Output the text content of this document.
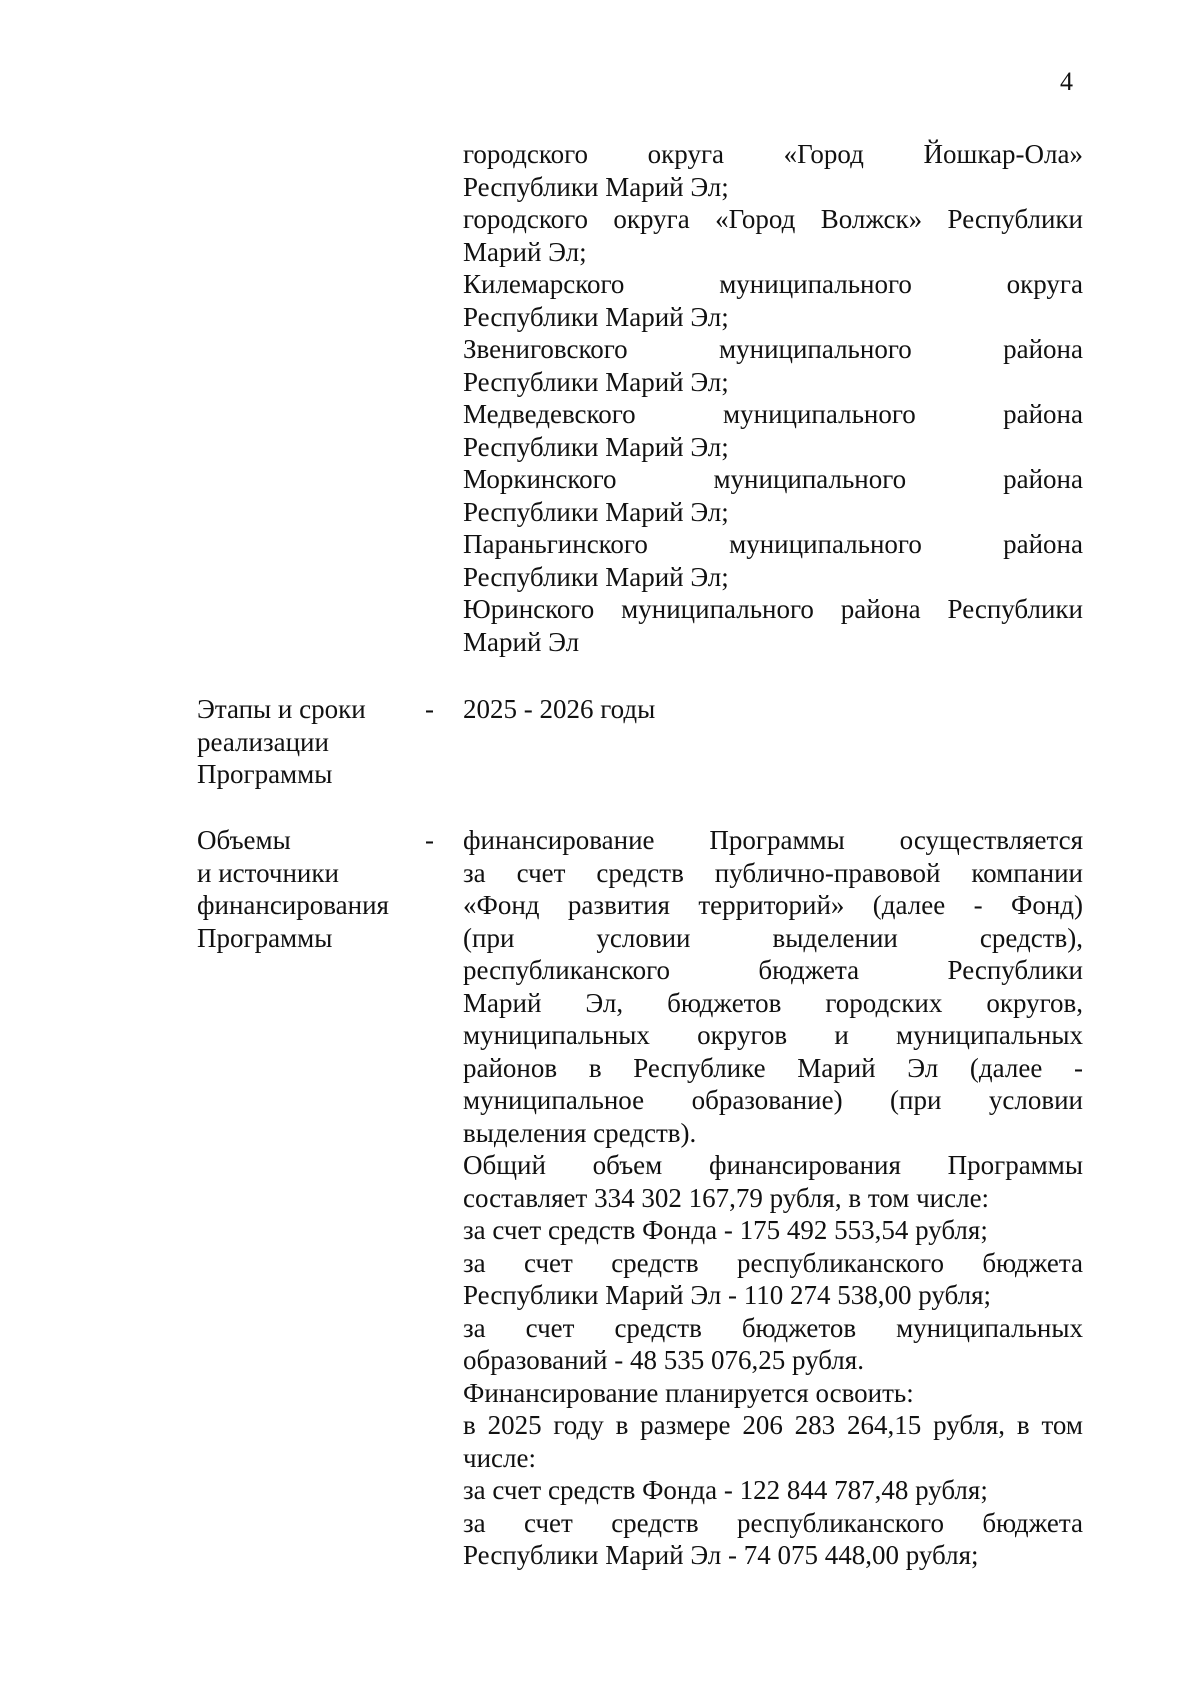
4
городского округа «Город Йошкар-Ола»
Республики Марий Эл;
городского округа «Город Волжск» Республики
Марий Эл;
Килемарского муниципального округа
Республики Марий Эл;
Звениговского муниципального района
Республики Марий Эл;
Медведевского муниципального района
Республики Марий Эл;
Моркинского муниципального района
Республики Марий Эл;
Параньгинского муниципального района
Республики Марий Эл;
Юринского муниципального района Республики
Марий Эл
Этапы и сроки
реализации
Программы
- 2025 - 2026 годы
Объемы
и источники
финансирования
Программы
- финансирование Программы осуществляется
за счет средств публично-правовой компании
«Фонд развития территорий» (далее - Фонд)
(при условии выделении средств),
республиканского бюджета Республики
Марий Эл, бюджетов городских округов,
муниципальных округов и муниципальных
районов в Республике Марий Эл (далее -
муниципальное образование) (при условии
выделения средств).
Общий объем финансирования Программы
составляет 334 302 167,79 рубля, в том числе:
за счет средств Фонда - 175 492 553,54 рубля;
за счет средств республиканского бюджета
Республики Марий Эл - 110 274 538,00 рубля;
за счет средств бюджетов муниципальных
образований - 48 535 076,25 рубля.
Финансирование планируется освоить:
в 2025 году в размере 206 283 264,15 рубля, в том
числе:
за счет средств Фонда - 122 844 787,48 рубля;
за счет средств республиканского бюджета
Республики Марий Эл - 74 075 448,00 рубля;
